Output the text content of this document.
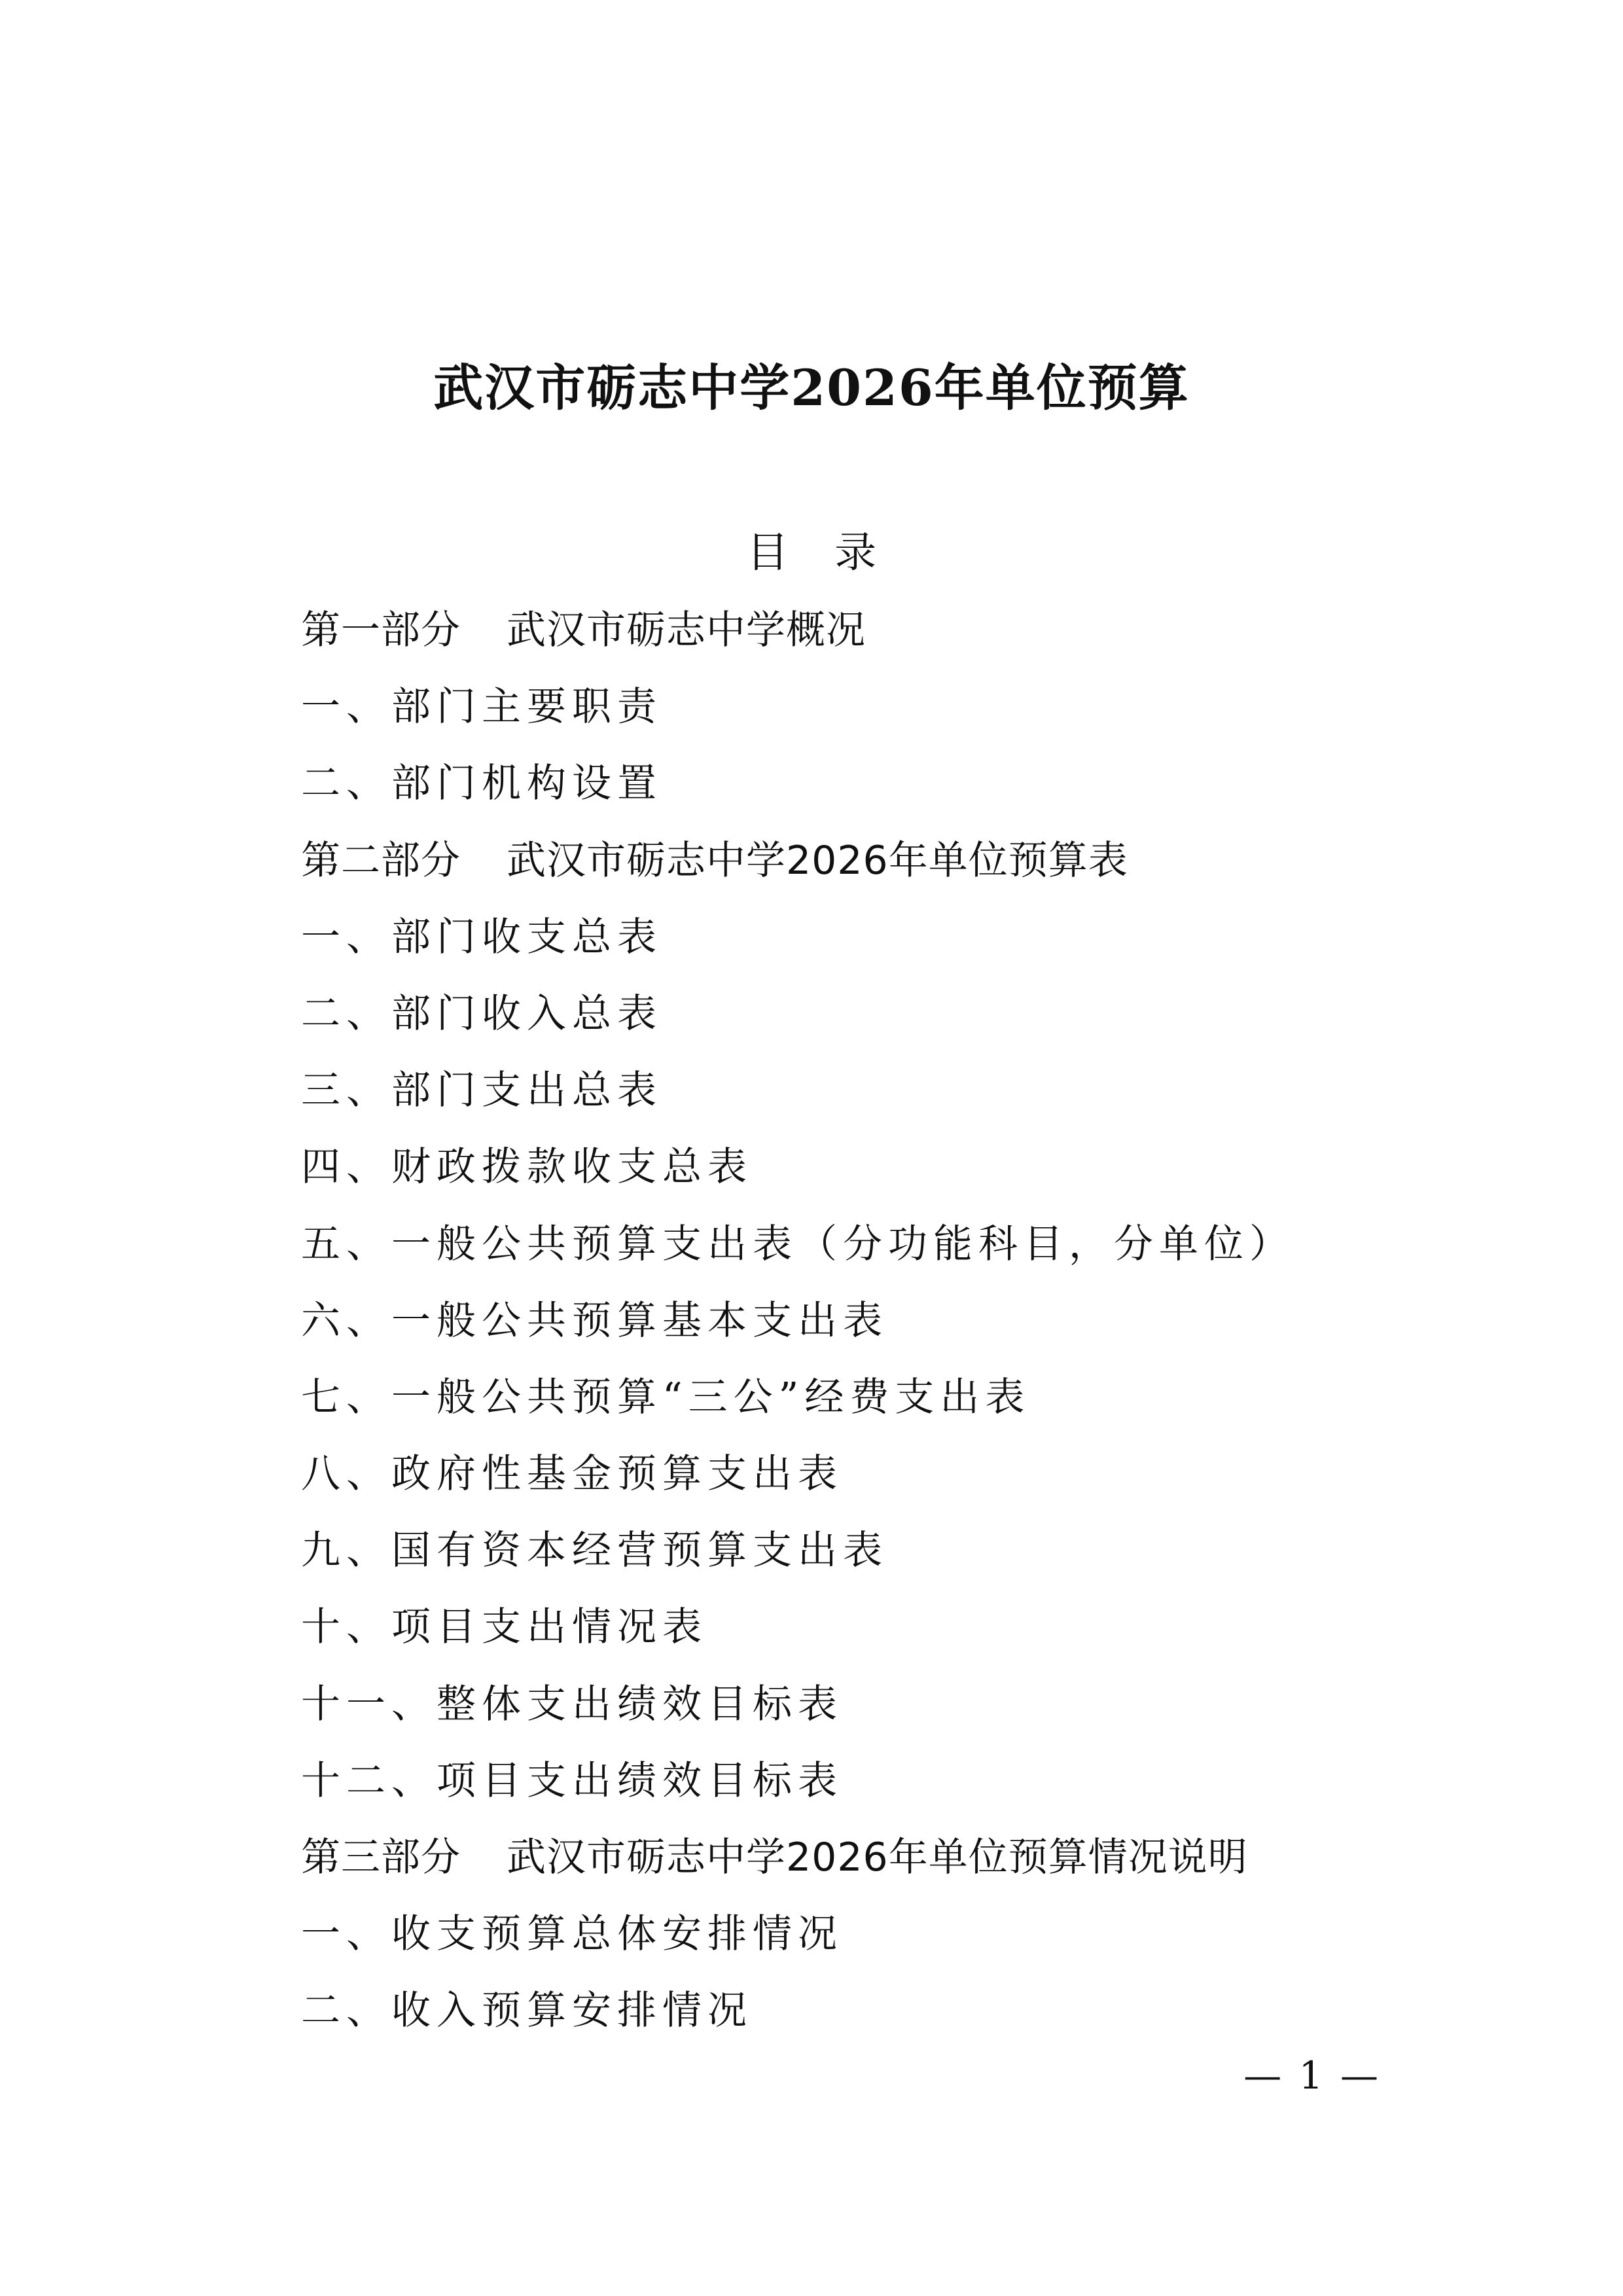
武汉市砺志中学2026年单位预算
目 录
第一部分 武汉市砺志中学概况
一、部门主要职责
二、部门机构设置
第二部分 武汉市砺志中学2026年单位预算表
一、部门收支总表
二、部门收入总表
三、部门支出总表
四、财政拨款收支总表
五、一般公共预算支出表（分功能科目，分单位）
六、一般公共预算基本支出表
七、一般公共预算“三公”经费支出表
八、政府性基金预算支出表
九、国有资本经营预算支出表
十、项目支出情况表
十一、整体支出绩效目标表
十二、项目支出绩效目标表
第三部分 武汉市砺志中学2026年单位预算情况说明
一、收支预算总体安排情况
二、收入预算安排情况
— 1 —
